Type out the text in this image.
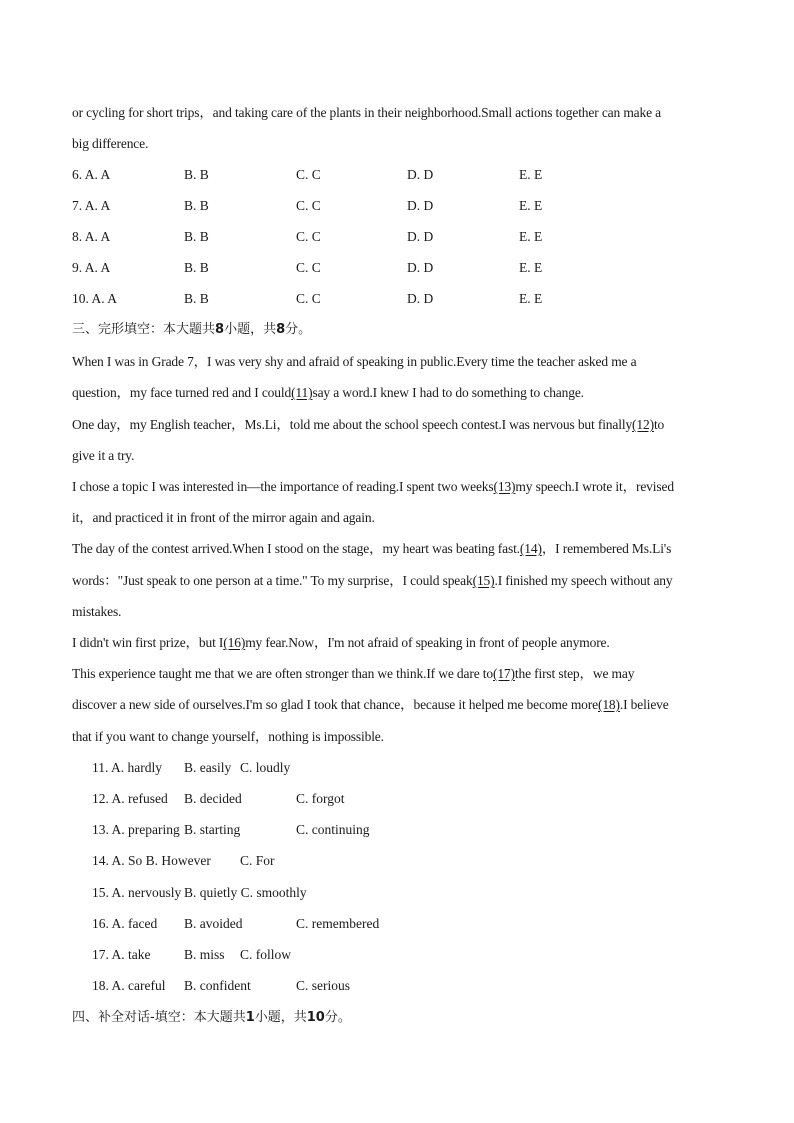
or cycling for short trips，and taking care of the plants in their neighborhood.Small actions together can make a
big difference.
6. A. A	B. B	C. C	D. D	E. E
7. A. A	B. B	C. C	D. D	E. E
8. A. A	B. B	C. C	D. D	E. E
9. A. A	B. B	C. C	D. D	E. E
10. A. A	B. B	C. C	D. D	E. E
三、完形填空：本大题共8小题，共8分。
When I was in Grade 7，I was very shy and afraid of speaking in public.Every time the teacher asked me a
question，my face turned red and I could(11)say a word.I knew I had to do something to change.
One day，my English teacher，Ms.Li，told me about the school speech contest.I was nervous but finally(12)to
give it a try.
I chose a topic I was interested in—the importance of reading.I spent two weeks(13)my speech.I wrote it，revised
it，and practiced it in front of the mirror again and again.
The day of the contest arrived.When I stood on the stage，my heart was beating fast.(14)，I remembered Ms.Li's
words："Just speak to one person at a time." To my surprise，I could speak(15).I finished my speech without any
mistakes.
I didn't win first prize，but I(16)my fear.Now，I'm not afraid of speaking in front of people anymore.
This experience taught me that we are often stronger than we think.If we dare to(17)the first step，we may
discover a new side of ourselves.I'm so glad I took that chance，because it helped me become more(18).I believe
that if you want to change yourself，nothing is impossible.
11. A. hardly B. easily C. loudly
12. A. refused B. decided	C. forgot
13. A. preparing B. starting	C. continuing
14. A. So B. However C. For
15. A. nervously B. quietly C. smoothly
16. A. faced B. avoided	C. remembered
17. A. take B. miss C. follow
18. A. careful B. confident	C. serious
四、补全对话-填空：本大题共1小题，共10分。
